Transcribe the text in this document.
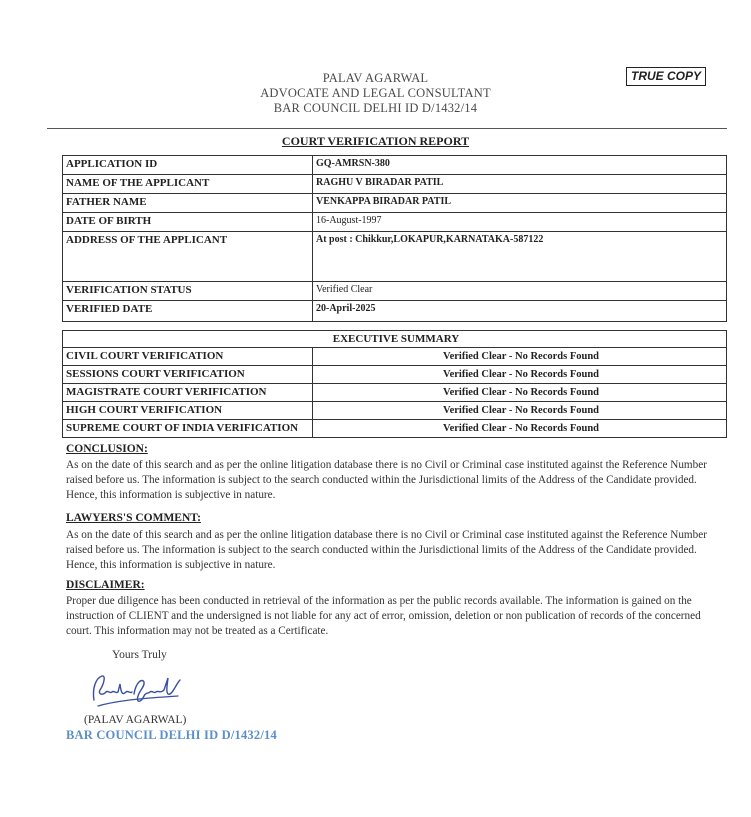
TRUE COPY
PALAV AGARWAL
ADVOCATE AND LEGAL CONSULTANT
BAR COUNCIL DELHI ID D/1432/14
COURT VERIFICATION REPORT
APPLICATION ID	GQ-AMRSN-380
NAME OF THE APPLICANT	RAGHU V BIRADAR PATIL
FATHER NAME	VENKAPPA BIRADAR PATIL
DATE OF BIRTH	16-August-1997
ADDRESS OF THE APPLICANT	At post : Chikkur,LOKAPUR,KARNATAKA-587122
VERIFICATION STATUS	Verified Clear
VERIFIED DATE	20-April-2025
EXECUTIVE SUMMARY	
CIVIL COURT VERIFICATION	Verified Clear - No Records Found
SESSIONS COURT VERIFICATION	Verified Clear - No Records Found
MAGISTRATE COURT VERIFICATION	Verified Clear - No Records Found
HIGH COURT VERIFICATION	Verified Clear - No Records Found
SUPREME COURT OF INDIA VERIFICATION	Verified Clear - No Records Found
CONCLUSION:
As on the date of this search and as per the online litigation database there is no Civil or Criminal case instituted against the Reference Number raised before us. The information is subject to the search conducted within the Jurisdictional limits of the Address of the Candidate provided. Hence, this information is subjective in nature.
LAWYERS'S COMMENT:
As on the date of this search and as per the online litigation database there is no Civil or Criminal case instituted against the Reference Number raised before us. The information is subject to the search conducted within the Jurisdictional limits of the Address of the Candidate provided. Hence, this information is subjective in nature.
DISCLAIMER:
Proper due diligence has been conducted in retrieval of the information as per the public records available. The information is gained on the instruction of CLIENT and the undersigned is not liable for any act of error, omission, deletion or non publication of records of the concerned court. This information may not be treated as a Certificate.
Yours Truly
(PALAV AGARWAL)
BAR COUNCIL DELHI ID D/1432/14
